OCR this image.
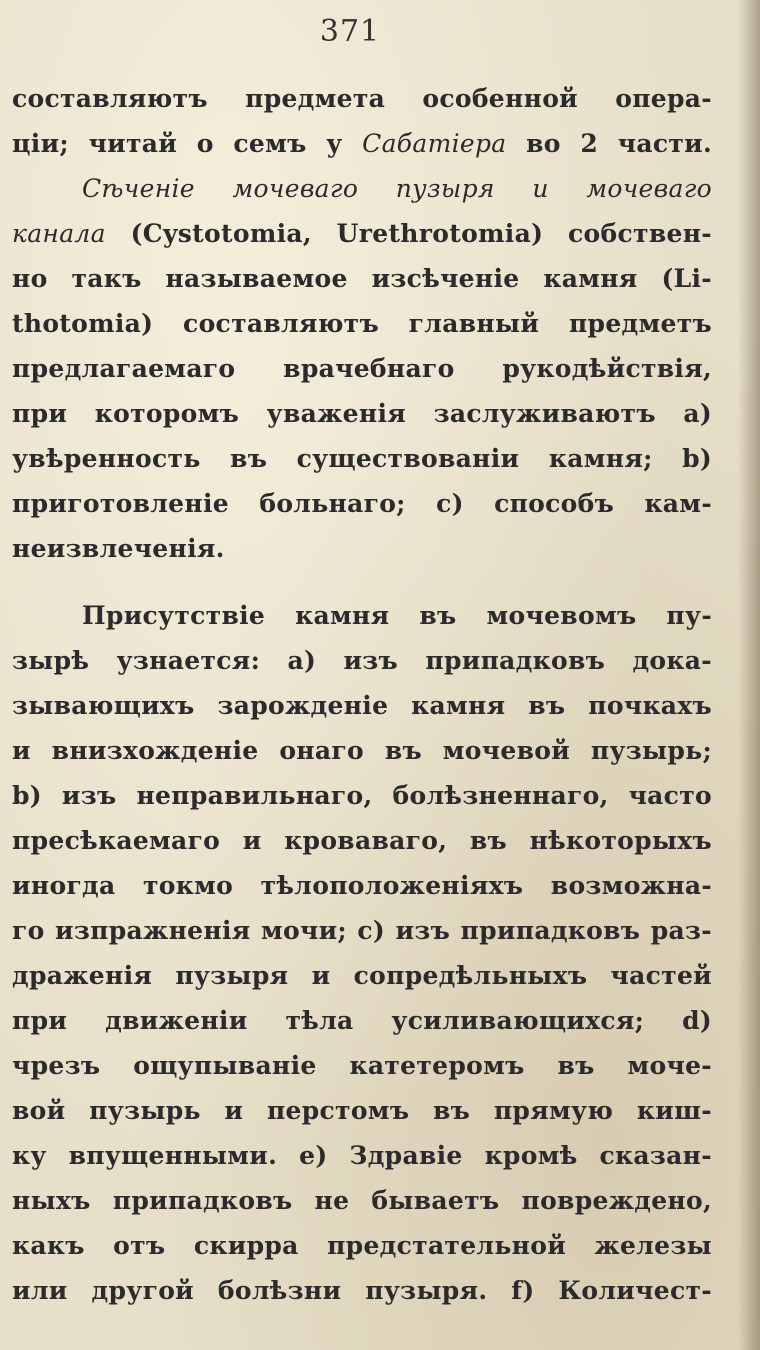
371
составляютъ предмета особенной опера-
ціи; читай о семъ у Сабатіера во 2 части.
Сѣченіе мочеваго пузыря и мочеваго
канала (Cystotomia, Urethrotomia) собствен-
но такъ называемое изсѣченіе камня (Li-
thotomia) составляютъ главный предметъ
предлагаемаго врачебнаго рукодѣйствія,
при которомъ уваженія заслуживаютъ а)
увѣренность въ существованіи камня; b)
приготовленіе больнаго; с) способъ кам-
неизвлеченія.
Присутствіе камня въ мочевомъ пу-
зырѣ узнается: а) изъ припадковъ дока-
зывающихъ зарожденіе камня въ почкахъ
и внизхожденіе онаго въ мочевой пузырь;
b) изъ неправильнаго, болѣзненнаго, часто
пресѣкаемаго и кроваваго, въ нѣкоторыхъ
иногда токмо тѣлоположеніяхъ возможна-
го изпражненія мочи; с) изъ припадковъ раз-
драженія пузыря и сопредѣльныхъ частей
при движеніи тѣла усиливающихся; d)
чрезъ ощупываніе катетеромъ въ моче-
вой пузырь и перстомъ въ прямую киш-
ку впущенными. е) Здравіе кромѣ сказан-
ныхъ припадковъ не бываетъ повреждено,
какъ отъ скирра предстательной железы
или другой болѣзни пузыря. f) Количест-
